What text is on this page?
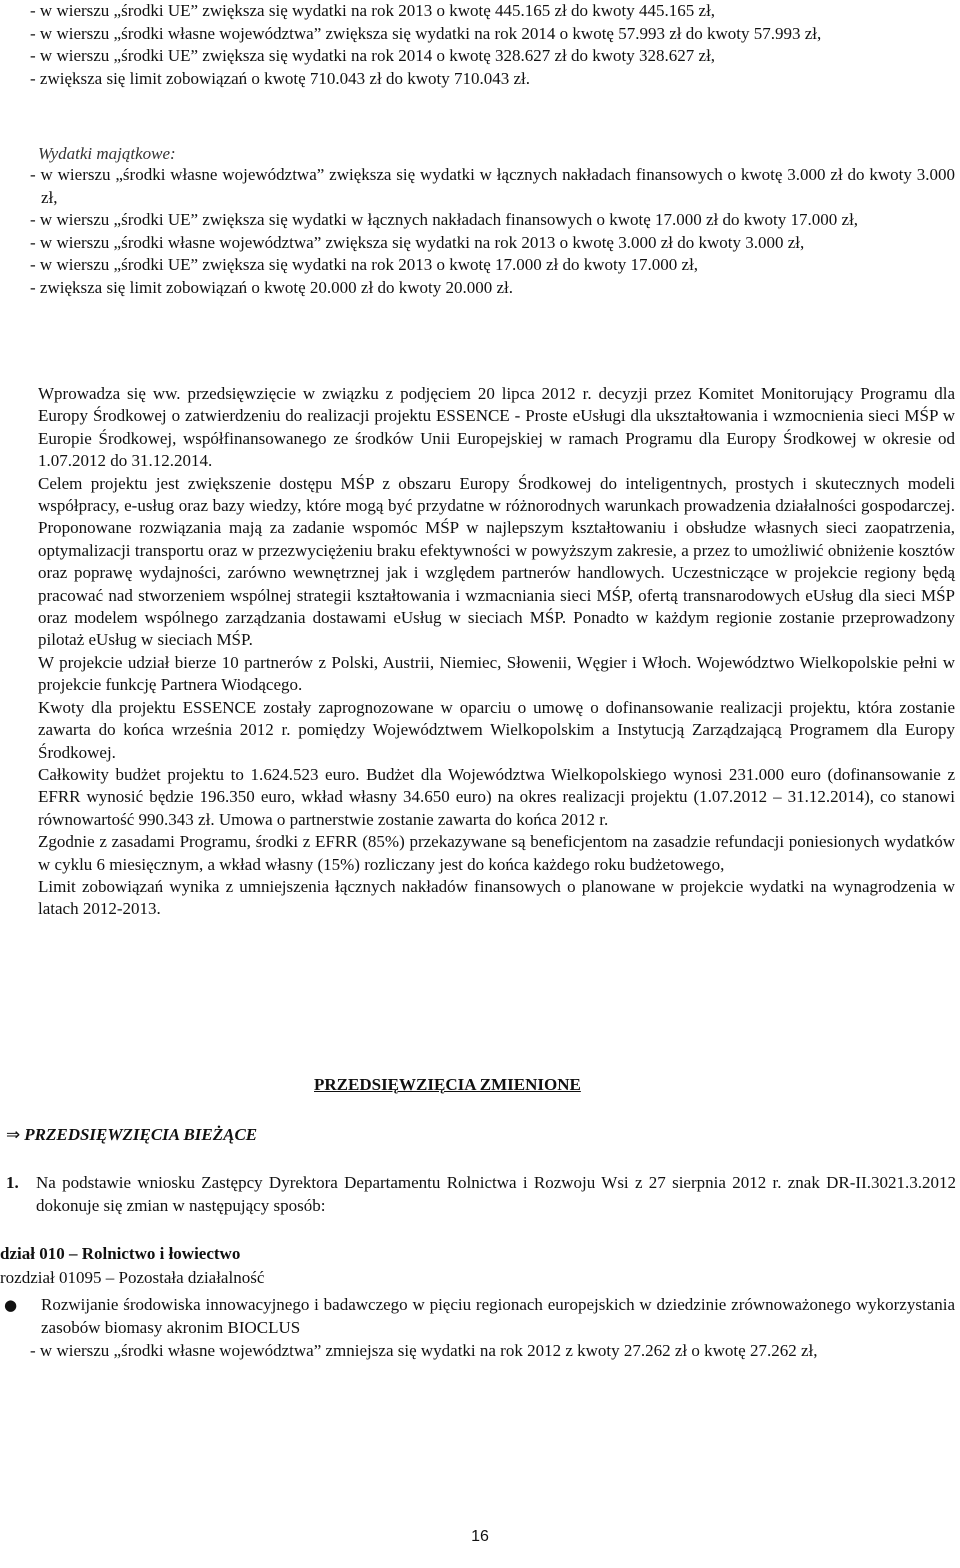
- w wierszu „środki UE” zwiększa się wydatki na rok 2013 o kwotę 445.165 zł do kwoty 445.165 zł,
- w wierszu „środki własne województwa” zwiększa się wydatki na rok 2014 o kwotę 57.993 zł do kwoty 57.993 zł,
- w wierszu „środki UE” zwiększa się wydatki na rok 2014 o kwotę 328.627 zł do kwoty 328.627 zł,
- zwiększa się limit zobowiązań o kwotę 710.043 zł do kwoty 710.043 zł.
Wydatki majątkowe:
- w wierszu „środki własne województwa” zwiększa się wydatki w łącznych nakładach finansowych o kwotę 3.000 zł do kwoty 3.000 zł,
- w wierszu „środki UE” zwiększa się wydatki w łącznych nakładach finansowych o kwotę 17.000 zł do kwoty 17.000 zł,
- w wierszu „środki własne województwa” zwiększa się wydatki na rok 2013 o kwotę 3.000 zł do kwoty 3.000 zł,
- w wierszu „środki UE” zwiększa się wydatki na rok 2013 o kwotę 17.000 zł do kwoty 17.000 zł,
- zwiększa się limit zobowiązań o kwotę 20.000 zł do kwoty 20.000 zł.

Wprowadza się ww. przedsięwzięcie w związku z podjęciem 20 lipca 2012 r. decyzji przez Komitet Monitorujący Programu dla Europy Środkowej o zatwierdzeniu do realizacji projektu ESSENCE - Proste eUsługi dla ukształtowania i wzmocnienia sieci MŚP w Europie Środkowej, współfinansowanego ze środków Unii Europejskiej w ramach Programu dla Europy Środkowej w okresie od 1.07.2012 do 31.12.2014.

Celem projektu jest zwiększenie dostępu MŚP z obszaru Europy Środkowej do inteligentnych, prostych i skutecznych modeli współpracy, e-usług oraz bazy wiedzy, które mogą być przydatne w różnorodnych warunkach prowadzenia działalności gospodarczej. Proponowane rozwiązania mają za zadanie wspomóc MŚP w najlepszym kształtowaniu i obsłudze własnych sieci zaopatrzenia, optymalizacji transportu oraz w przezwyciężeniu braku efektywności w powyższym zakresie, a przez to umożliwić obniżenie kosztów oraz poprawę wydajności, zarówno wewnętrznej jak i względem partnerów handlowych. Uczestniczące w projekcie regiony będą pracować nad stworzeniem wspólnej strategii kształtowania i wzmacniania sieci MŚP, ofertą transnarodowych eUsług dla sieci MŚP oraz modelem wspólnego zarządzania dostawami eUsług w sieciach MŚP. Ponadto w każdym regionie zostanie przeprowadzony pilotaż eUsług w sieciach MŚP.

W projekcie udział bierze 10 partnerów z Polski, Austrii, Niemiec, Słowenii, Węgier i Włoch. Województwo Wielkopolskie pełni w projekcie funkcję Partnera Wiodącego.

Kwoty dla projektu ESSENCE zostały zaprognozowane w oparciu o umowę o dofinansowanie realizacji projektu, która zostanie zawarta do końca września 2012 r. pomiędzy Województwem Wielkopolskim a Instytucją Zarządzającą Programem dla Europy Środkowej.

Całkowity budżet projektu to 1.624.523 euro. Budżet dla Województwa Wielkopolskiego wynosi 231.000 euro (dofinansowanie z EFRR wynosić będzie 196.350 euro, wkład własny 34.650 euro) na okres realizacji projektu (1.07.2012 – 31.12.2014), co stanowi równowartość 990.343 zł. Umowa o partnerstwie zostanie zawarta do końca 2012 r.

Zgodnie z zasadami Programu, środki z EFRR (85%) przekazywane są beneficjentom na zasadzie refundacji poniesionych wydatków w cyklu 6 miesięcznym, a wkład własny (15%) rozliczany jest do końca każdego roku budżetowego,

Limit zobowiązań wynika z umniejszenia łącznych nakładów finansowych o planowane w projekcie wydatki na wynagrodzenia w latach 2012-2013.

PRZEDSIĘWZIĘCIA ZMIENIONE
⇒ PRZEDSIĘWZIĘCIA BIEŻĄCE
1. Na podstawie wniosku Zastępcy Dyrektora Departamentu Rolnictwa i Rozwoju Wsi z 27 sierpnia 2012 r. znak DR-II.3021.3.2012 dokonuje się zmian w następujący sposób:
dział 010 – Rolnictwo i łowiectwo
rozdział 01095 – Pozostała działalność
● Rozwijanie środowiska innowacyjnego i badawczego w pięciu regionach europejskich w dziedzinie zrównoważonego wykorzystania zasobów biomasy akronim BIOCLUS
- w wierszu „środki własne województwa” zmniejsza się wydatki na rok 2012 z kwoty 27.262 zł o kwotę 27.262 zł,
16
